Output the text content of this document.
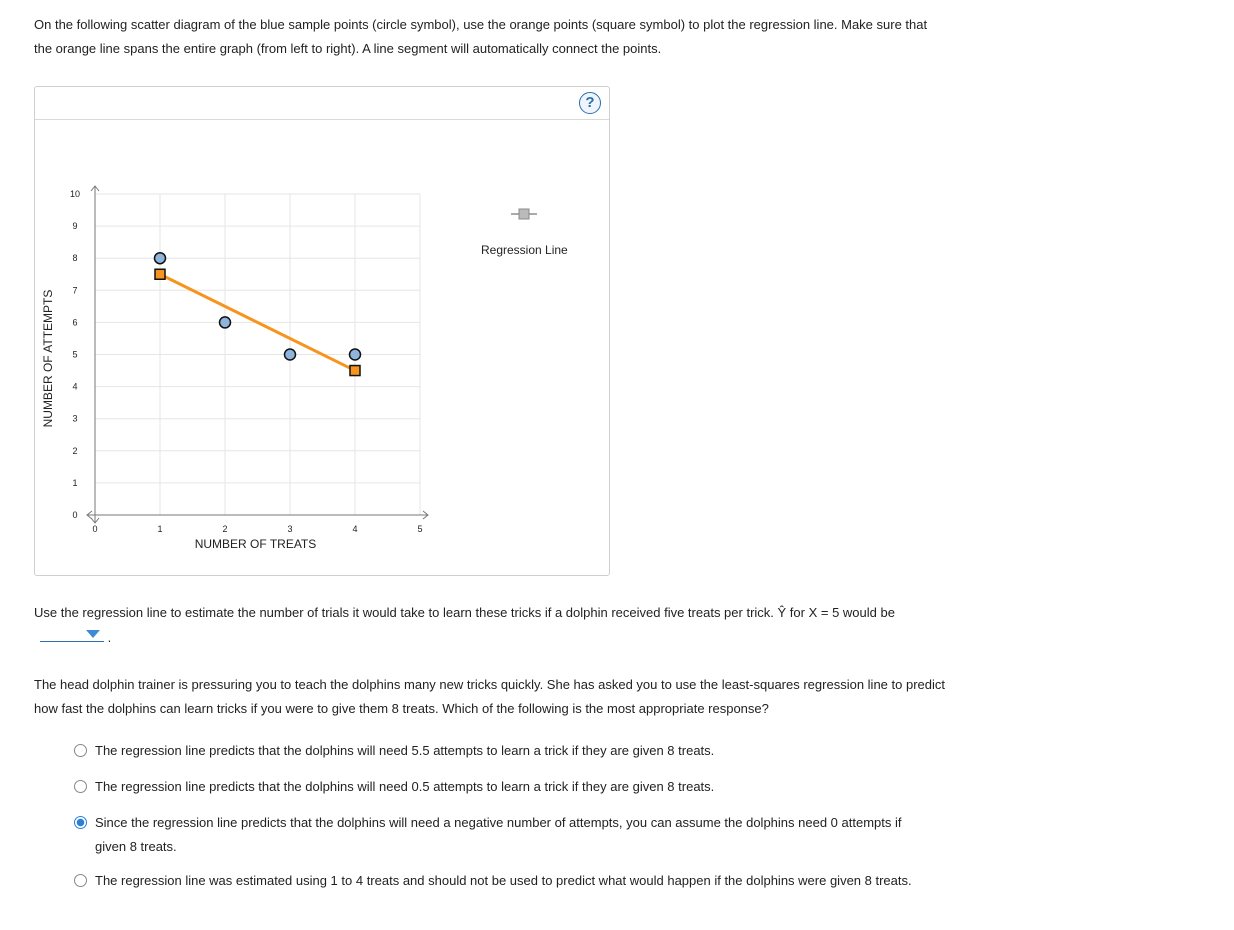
On the following scatter diagram of the blue sample points (circle symbol), use the orange points (square symbol) to plot the regression line. Make sure that the orange line spans the entire graph (from left to right). A line segment will automatically connect the points.
?
0	1	2	3	4	5
0
1
2
3
4
5
6
7
8
9
10
NUMBER OF TREATS
NUMBER OF ATTEMPTS
Regression Line
Use the regression line to estimate the number of trials it would take to learn these tricks if a dolphin received five treats per trick. Ŷ for X = 5 would be
.
The head dolphin trainer is pressuring you to teach the dolphins many new tricks quickly. She has asked you to use the least-squares regression line to predict how fast the dolphins can learn tricks if you were to give them 8 treats. Which of the following is the most appropriate response?
The regression line predicts that the dolphins will need 5.5 attempts to learn a trick if they are given 8 treats.
The regression line predicts that the dolphins will need 0.5 attempts to learn a trick if they are given 8 treats.
Since the regression line predicts that the dolphins will need a negative number of attempts, you can assume the dolphins need 0 attempts if given 8 treats.
The regression line was estimated using 1 to 4 treats and should not be used to predict what would happen if the dolphins were given 8 treats.
